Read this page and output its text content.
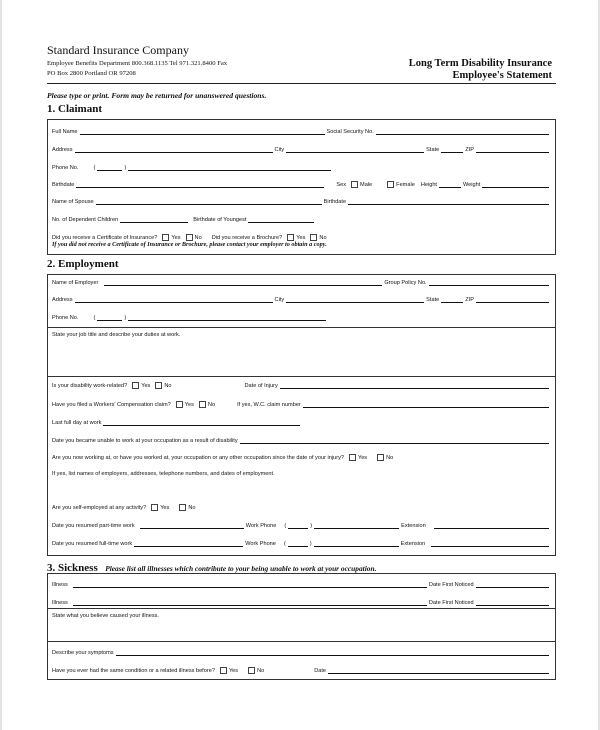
Standard Insurance Company
Employee Benefits Department 800.368.1135 Tel 971.321.8400 Fax
PO Box 2800 Portland OR 97208
Long Term Disability Insurance
Employee's Statement
Please type or print. Form may be returned for unanswered questions.
1. Claimant
Full Name	Social Security No.
Address	City	State	ZIP
Phone No.	(	)
Birthdate	Sex	Male	Female Height	Weight
Name of Spouse	Birthdate
No. of Dependent Children	Birthdate of Youngest
Did you receive a Certificate of Insurance?	Yes	No Did you receive a Brochure?	Yes	No
If you did not receive a Certificate of Insurance or Brochure, please contact your employer to obtain a copy.
2. Employment
Name of Employer	Group Policy No.
Address	City	State	ZIP
Phone No.	(	)
State your job title and describe your duties at work.
Is your disability work-related?	Yes	No	Date of Injury
Have you filed a Workers' Compensation claim?	Yes	No	If yes, W.C. claim number
Last full day at work
Date you became unable to work at your occupation as a result of disability
Are you now working at, or have you worked at, your occupation or any other occupation since the date of your injury?	Yes	No
If yes, list names of employers, addresses, telephone numbers, and dates of employment.
Are you self-employed at any activity?	Yes	No
Date you resumed part-time work	Work Phone (	)	Extension
Date you resumed full-time work	Work Phone (	)	Extension
3. Sickness Please list all illnesses which contribute to your being unable to work at your occupation.
Illness	Date First Noticed
Illness	Date First Noticed
State what you believe caused your illness.
Describe your symptoms
Have you ever had the same condition or a related illness before?	Yes	No	Date
